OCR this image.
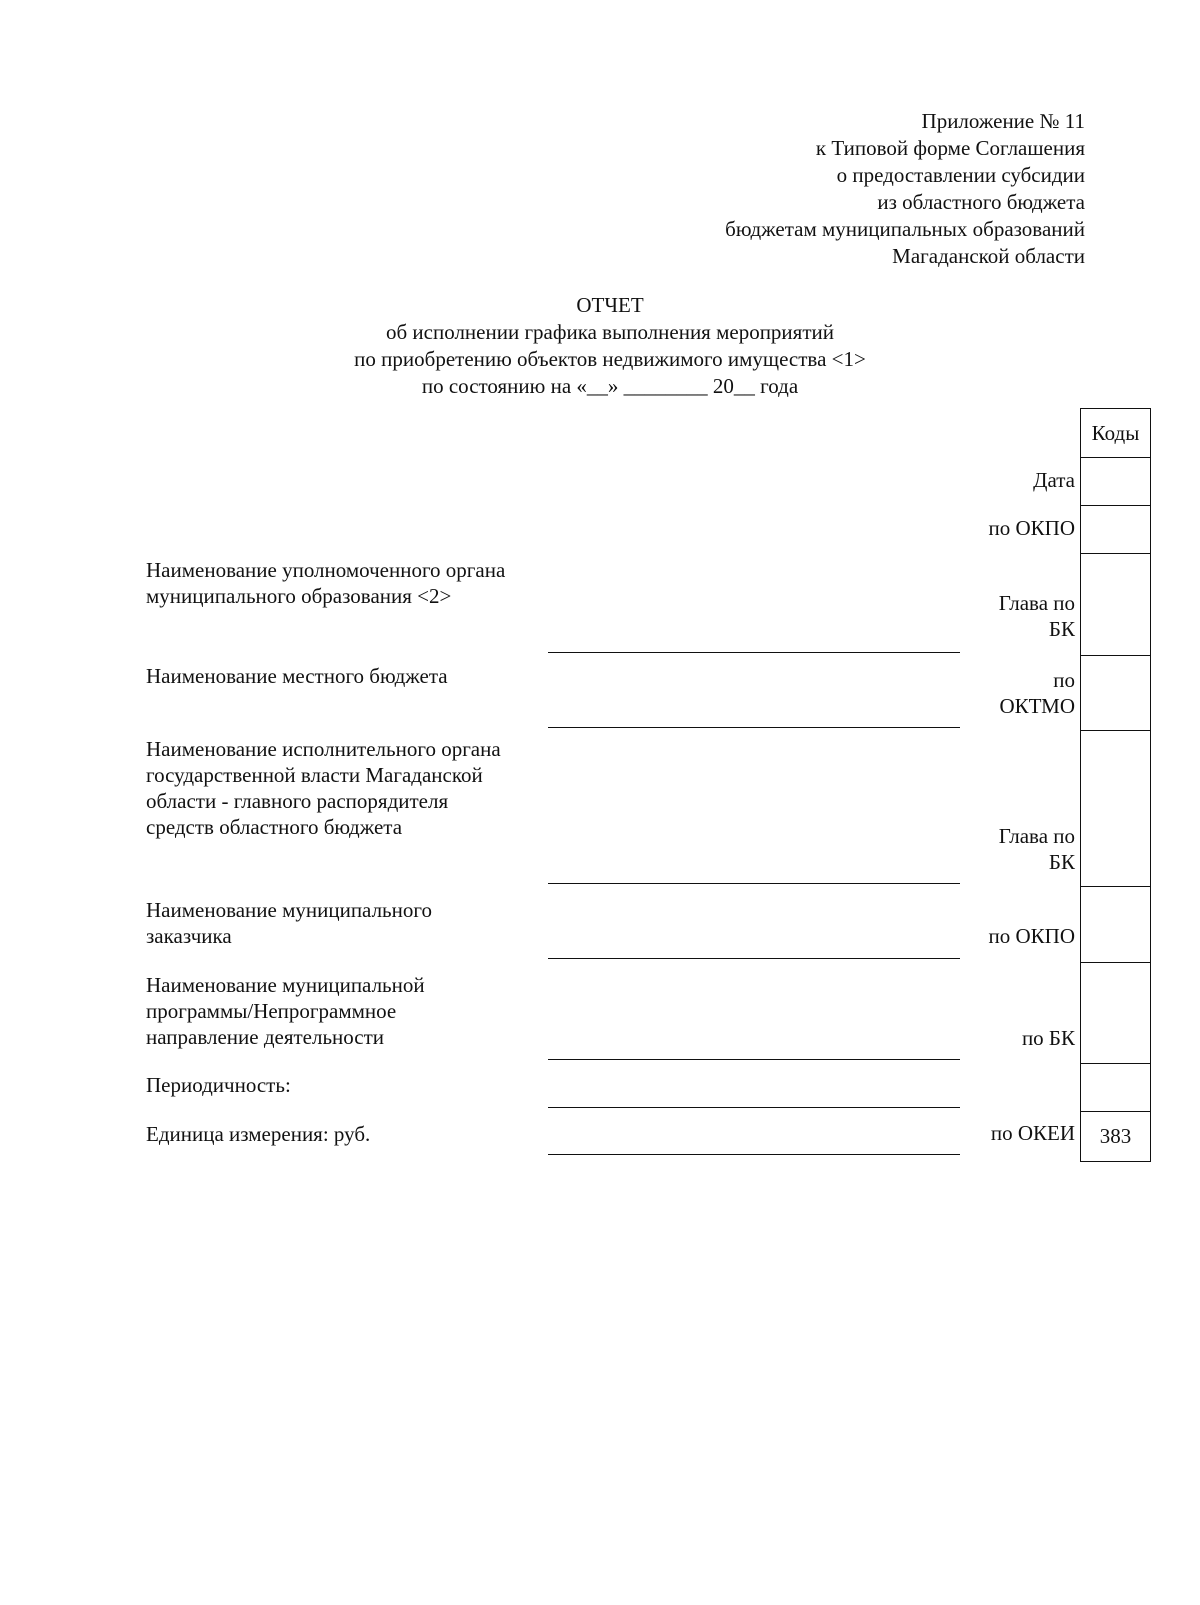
Приложение № 11
к Типовой форме Соглашения
о предоставлении субсидии
из областного бюджета
бюджетам муниципальных образований
Магаданской области
ОТЧЕТ
об исполнении графика выполнения мероприятий
по приобретению объектов недвижимого имущества <1>
по состоянию на «__» ________ 20__ года
Коды
383
Дата
по ОКПО
Глава по
БК
по
ОКТМО
Глава по
БК
по ОКПО
по БК
по ОКЕИ
Наименование уполномоченного органа муниципального образования <2>
Наименование местного бюджета
Наименование исполнительного органа государственной власти Магаданской области - главного распорядителя средств областного бюджета
Наименование муниципального заказчика
Наименование муниципальной программы/Непрограммное направление деятельности
Периодичность:
Единица измерения: руб.
